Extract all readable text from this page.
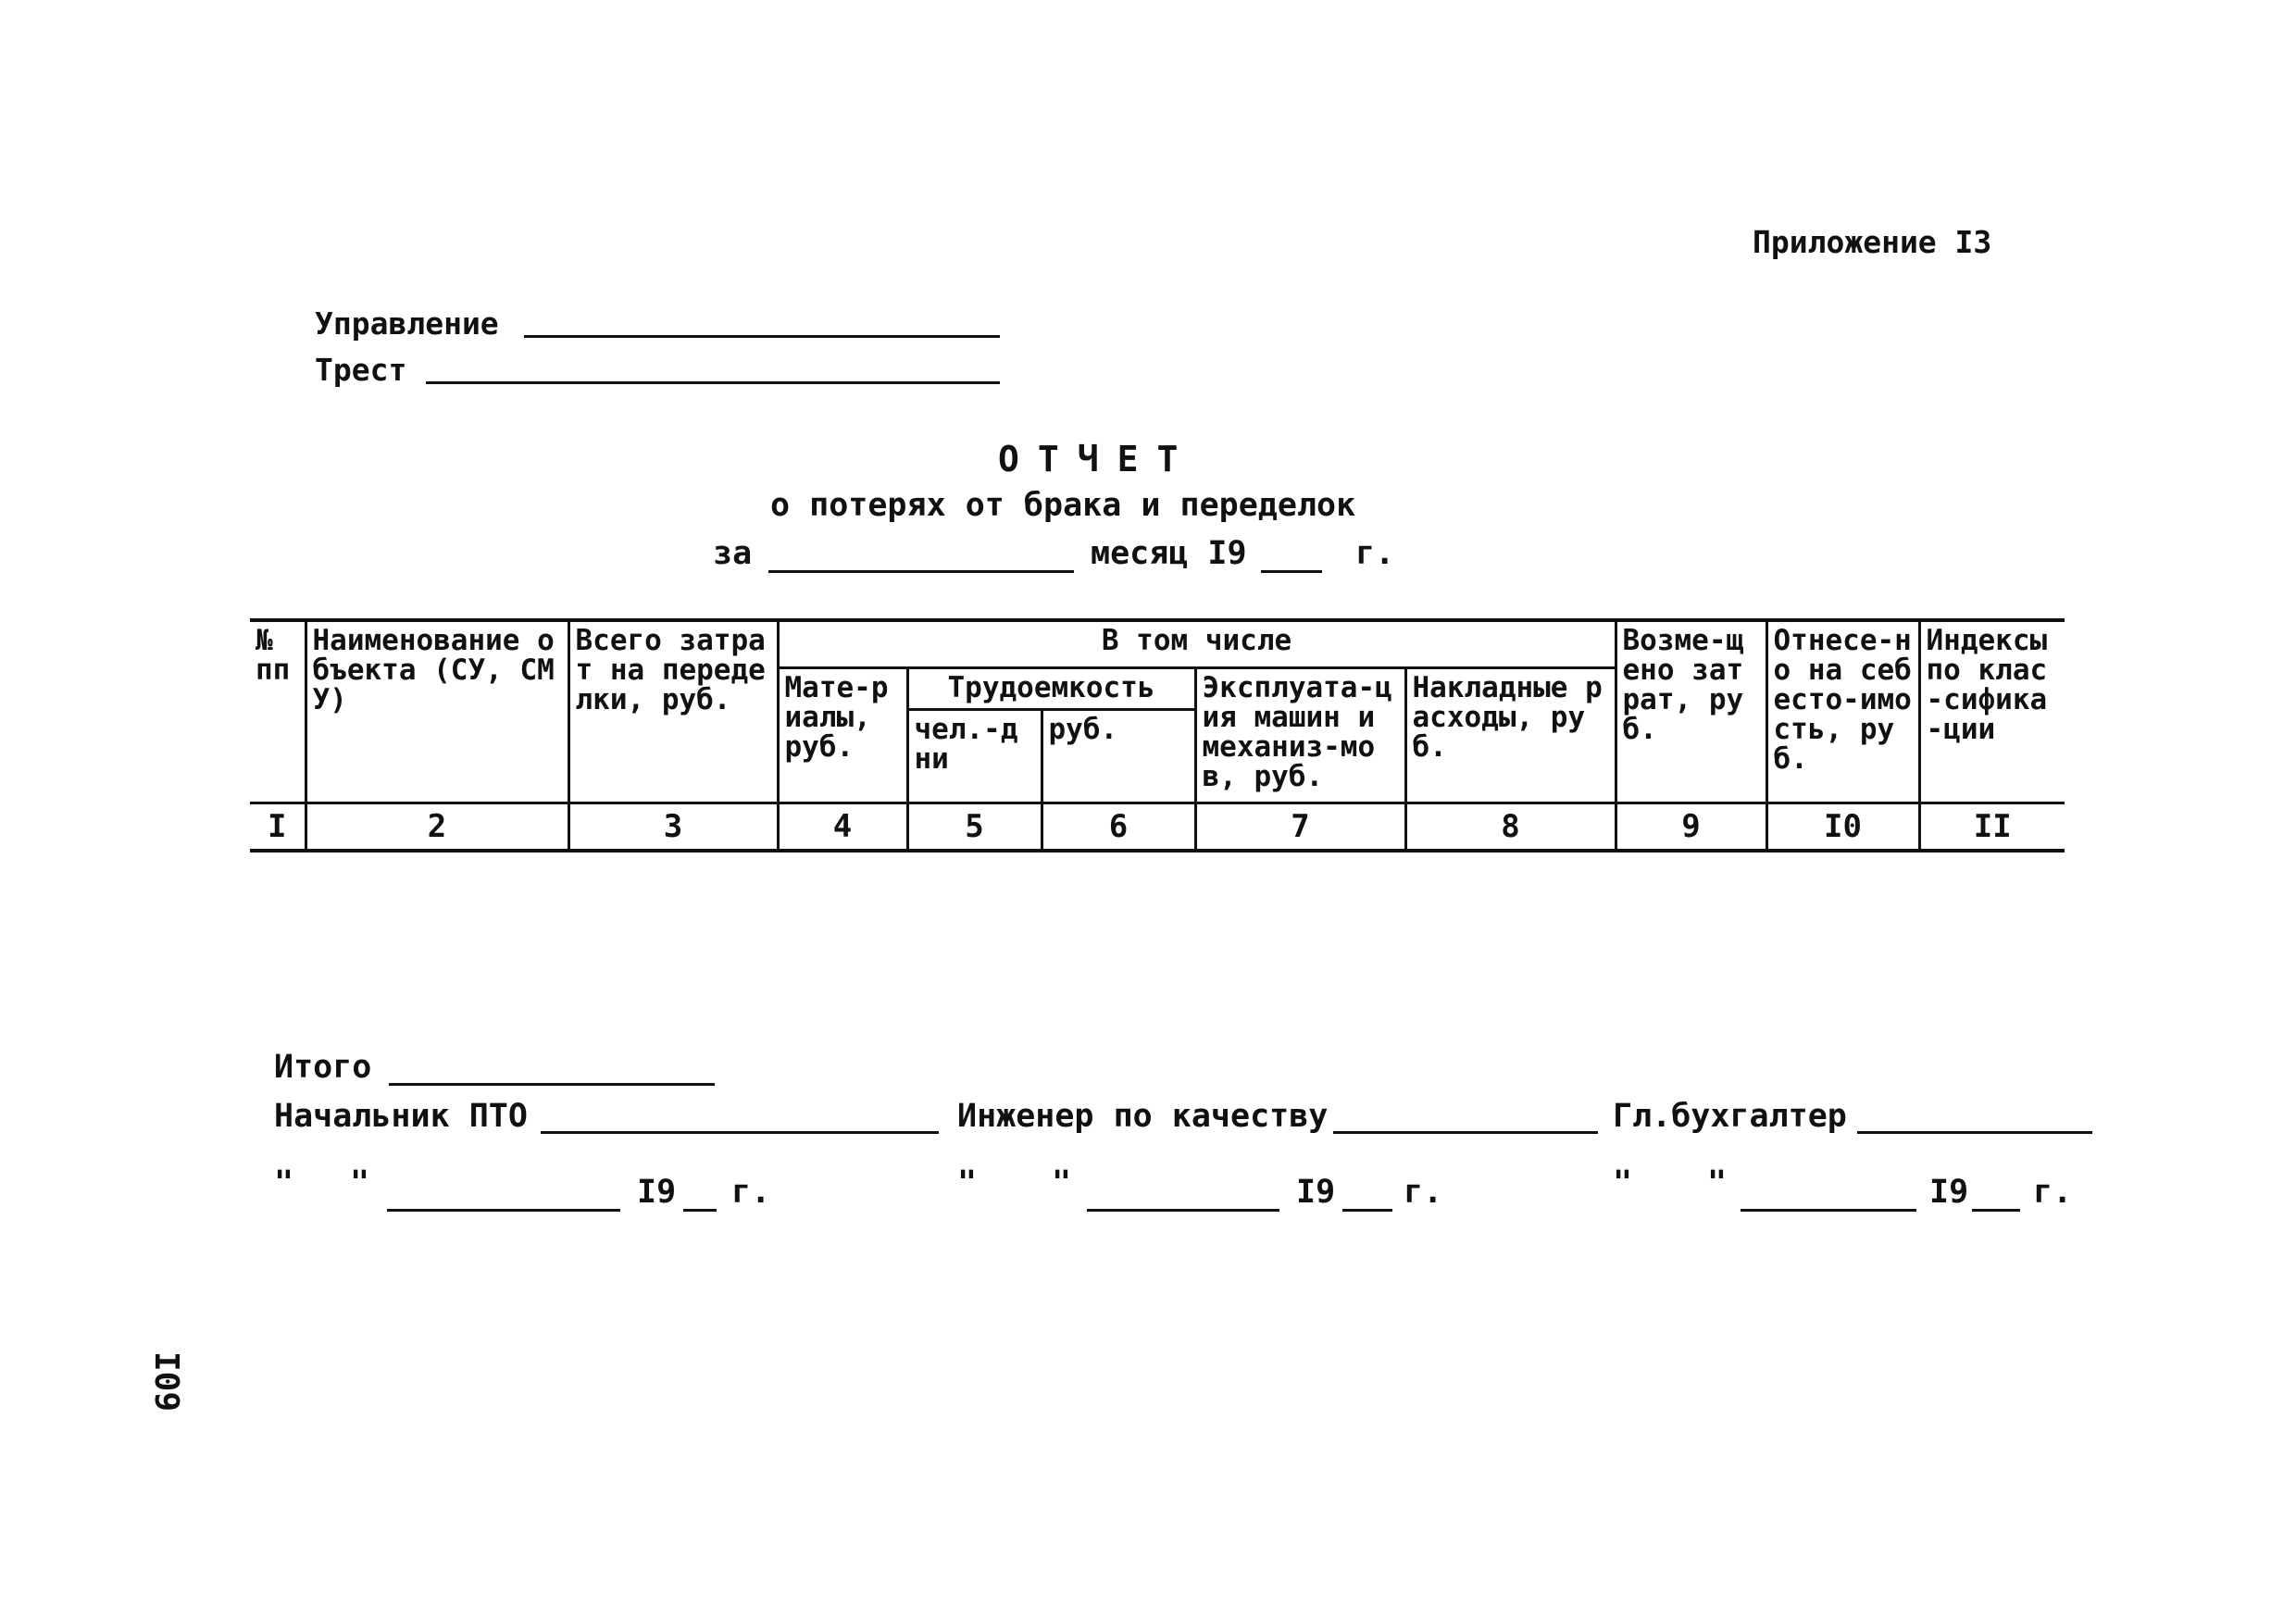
Приложение I3
Управление
Трест
ОТЧЕТ
о потерях от брака и переделок
за	месяц I9	г.
№ пп	Наименование объекта (СУ, СМУ)	Всего затрат на переделки, руб.	В том числе					Возме-щено затрат, руб.	Отнесе-но на себесто-имость, руб.	Индексы по клас-сифика-ции
			Мате-риалы, руб.	Трудоемкость		Эксплуата-ция машин и механиз-мов, руб.	Накладные расходы, руб.			
				чел.-дни	руб.					
I	2	3	4	5	6	7	8	9	I0	II
Итого
Начальник ПТО	Инженер по качеству	Гл.бухгалтер
" "	I9 г.	" "	I9 г.	" "	I9 г.
I09
